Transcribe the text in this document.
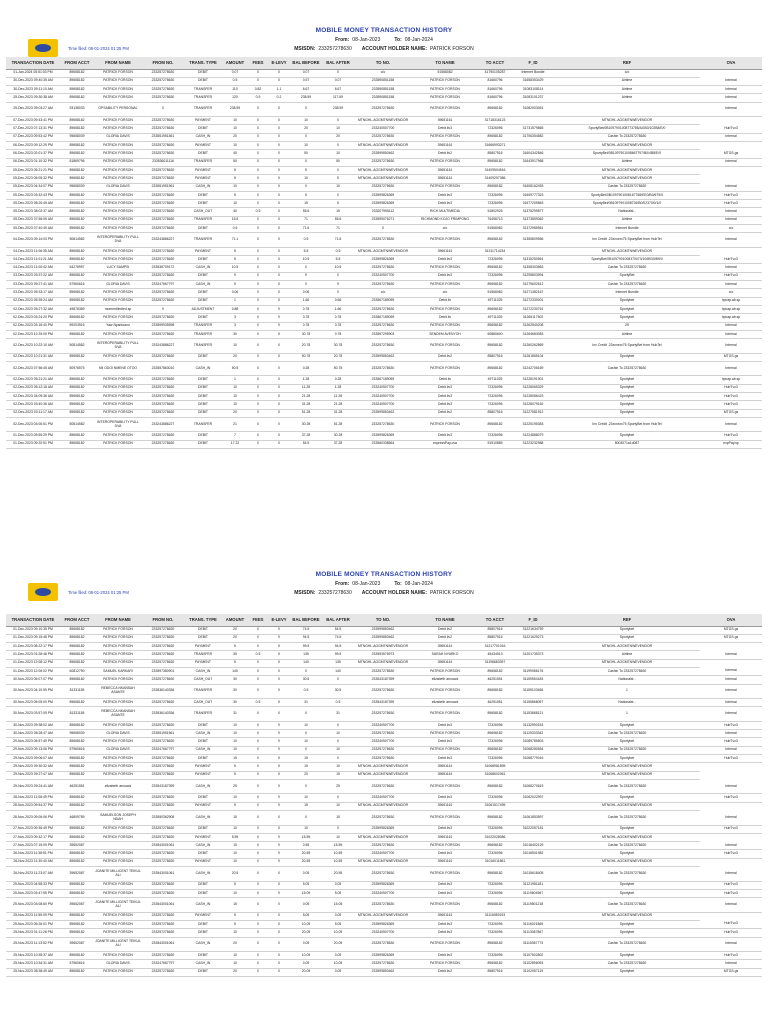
Time filed: 08-01-2024 01:25 PM
MOBILE MONEY TRANSACTION HISTORY
From: 08-Jan-2023	To: 08-Jan-2024
MSISDN: 233257278630 ACCOUNT HOLDER NAME: PATRICK FORSON
TRANSACTION DATE	FROM ACCT	FROM NAME	FROM NO.	TRANS. TYPE	AMOUNT	FEES	E-LEVY	BAL BEFORE	BAL AFTER	TO NO.	TO NAME	TO ACCT	F_ID	REF	OVA
01-Jan-2024 05:51:03 PM	89658182	PATRICK FORSON	233257278630	DEBIT	0.07	0	0	0.07	0	c/o	51568082	41790105287	Internet Bundle	c/o	
30-Dec-2023 09:40:35 AM	89658182	PATRICK FORSON	233257278630	DEBIT	0.5	0	0	0.57	0.07	233590851158	PATRICK FORSON	81660796	31658353429	Airtime	Internal
30-Dec-2023 09:11:10 AM	89658182	PATRICK FORSON	233257278630	TRANSFER	110	0.82	1.1	6.67	6.67	233590851158	PATRICK FORSON	81660796	31083108114	Airtime	Internal
25-Dec-2023 09:30:38 AM	89658182	PATRICK FORSON	233257278630	TRANSFER	120	0.9	0.2	238.59	117.69	233590851158	PATRICK FORSON	81660796	31083101237	Airtime	Internal
25-Dec-2023 09:03:27 AM	93138033	OPSABILITY PERSONAL	0	TRANSFER	238.59	0	0	0	238.59	233257278630	PATRICK FORSON	89658182	31082003051		Internal
07-Dec-2023 09:43:41 PM	89658182	PATRICK FORSON	233257278630	PAYMENT	10	0	0	10	0	MTNGHL.AGGMTNWEVENDOR	39651161	31718316123		MTNGHL.AGGMTNWEVENDOR	
07-Dec-2023 07:13:31 PM	89658182	PATRICK FORSON	233257278630	DEBIT	10	0	0	20	10	233240507700	Debit.liv3	72326096	31731579865	SportyBet/0B1097901008773785/AGB0/102B8/E/0	HubTvx3
07-Dec-2023 09:53:42 PM	95658039	GLORIA DAVIS	233551951561	CASH_IN	20	0	0	0	20	233257278630	PATRICK FORSON	89658182	31706354582	Cashin To 233257278630	Internal
06-Dec-2023 09:12:29 PM	89658182	PATRICK FORSON	233257278630	PAYMENT	10	0	0	10	0	MTNGHL.AGGMTNWEVENDOR	39651161	31666993271		MTNGHL.AGGMTNWEVENDOR	
06-Dec-2023 02:01:37 PM	89658182	PATRICK FORSON	233257278630	DEBIT	40	0	0	50	10	233599850462	Debit.liv2	85807516	31604342846	SportyBet/0B1097901008667797/B0/4B8/E/0	MTGS.gs
06-Dec-2023 01:10:32 PM	81869796	PATRICK FORSON	233536011116	TRANSFER	50	0	0	0	50	233257278630	PATRICK FORSON	89658182	31643917968	Airtime	Internal
05-Dec-2023 05:21:21 PM	89658182	PATRICK FORSON	233257278630	PAYMENT	5	0	0	5	0	MTNGHL.AGGMTNWEVENDOR	39651161	31409504516		MTNGHL.AGGMTNWEVENDOR	
05-Dec-2023 05:05:32 PM	89658182	PATRICK FORSON	233257278630	PAYMENT	5	0	0	10	5	MTNGHL.AGGMTNWEVENDOR	39651161	31409257386		MTNGHL.AGGMTNWEVENDOR	
05-Dec-2023 04:34:07 PM	95658039	GLORIA DAVIS	233551951561	CASH_IN	10	0	0	0	10	233257278630	PATRICK FORSON	89658182	31608162493	Cashin To 233257278630	Internal
05-Dec-2023 03:32:43 PM	89658182	PATRICK FORSON	233257278630	DEBIT	5	0	0	5	0	233599826369	Debit.liv3	72326096	31609777323	SportyBet/0B1097901008167768/EE0/B0/679/0	HubTvx3
05-Dec-2023 08:20:45 AM	89658182	PATRICK FORSON	233257278630	DEBIT	10	0	0	15	5	233599826369	Debit.liv3	72326096	31677205863	SportyBet/0B1097901008726/B0/02370/0/1/0	HubTvx3
05-Dec-2023 08:02:37 AM	89658182	PATRICK FORSON	233257278630	CASH_OUT	40	0.5	0	55.6	15	233207955112	RICH MULTIMEDIA	51802925	31375299577	Nationalst -	Internal
05-Dec-2023 07:56:05 AM	89658182	PATRICK FORSON	233257278630	TRANSFER	15.5	0	0	71	55.6	233599076271	RICHMOND KOJO FRIMPONG	76498713	31373899362	Airtime	Internal
05-Dec-2023 07:40:49 AM	89658182	PATRICK FORSON	233257278630	DEBIT	0.6	0	0	71.6	71	0	c/o	51568082	31372985961	Internet Bundle	c/o
04-Dec-2023 09:14:03 PM	50814582	INTEROPERABILITY PULL DVA	233243886227	TRANSFER	71.1	0	0	0.5	71.6	233257278630	PATRICK FORSON	89658182	31355809556	Inv Credit .23xxxxxx75 SportyBet from HubTel	Internal
04-Dec-2023 11:06:35 AM	89658182	PATRICK FORSON	233257278630	PAYMENT	5	0	0	5.5	0.5	MTNGHL.AGGMTNWEVENDOR	39651161	31311714234		MTNGHL.AGGMTNWEVENDOR	
04-Dec-2023 11:01:21 AM	89658182	PATRICK FORSON	233257278630	DEBIT	5	0	0	10.5	5.5	233599826369	Debit.liv3	72326096	31315250561	SportyBet/0B1097901008370073/10/8930/B9/0	HubTvx3
04-Dec-2023 11:00:42 AM	54278997	LUCY SAMPSI	233536709172	CASH_IN	10.5	0	0	0	10.5	233257278630	PATRICK FORSON	89658182	31308303563	Cashin To 233257278630	Internal
03-Dec-2023 03:37:22 AM	89658182	PATRICK FORSON	233257278630	DEBIT	9	0	0	9	0	233240507700	Debit.liv3	72326096	31295803994	SportyBet	HubTvx3
03-Dec-2023 09:27:41 AM	57960616	GLORIA DAVIS	233247667797	CASH_IN	9	0	0	0	9	233257278630	PATRICK FORSON	89658182	31279602612	Cashin To 233257278630	Internal
03-Dec-2023 05:33:17 AM	89658182	PATRICK FORSON	233257278630	DEBIT	0.06	0	0	0.06	0	c/o	c/o	51568082	31271382167	Internet Bundle	c/o
02-Dec-2023 05:39:24 AM	89658182	PATRICK FORSON	233257278630	DEBIT	1	0	0	1.66	0.66	233567189059	Debit.liv	49711025	31272330001	Sportybet	hpcap.ab.sp
02-Dec-2023 05:27:32 AM	49878389	momentlimited.sp	0	ADJUSTMENT	0.88	0	0	0.78	1.66	233257278630	PATRICK FORSON	89658182	31272230761	Sportybet	hpcap.ab.sp
02-Dec-2023 03:24:20 PM	89658182	PATRICK FORSON	233257278630	DEBIT	3	0	0	3.78	0.78	233567189059	Debit.liv	49711025	31265117502	Sportybet	hpcap.ab.sp
02-Dec-2023 03:16:40 PM	59203916	Yaw Nyarkoanu	233599935598	TRANSFER	3	0	0	0.78	3.78	233257278630	PATRICK FORSON	89658182	31262840208	25	Internal
02-Dec-2023 12:25:00 PM	89658182	PATRICK FORSON	233257278630	TRANSFER	30	0	0	30.78	0.78	233557295903	SENDEM AVENYOH	60880600	31264683083	Airtime	Internal
02-Dec-2023 10:22:10 AM	50814582	INTEROPERABILITY PULL DVA	233243886227	TRANSFER	10	0	0	20.78	30.78	233257278630	PATRICK FORSON	89658182	31260262869	Inv Credit .23xxxxxx75 SportyBet from HubTel	Internal
02-Dec-2023 10:21:31 AM	89658182	PATRICK FORSON	233257278630	DEBIT	20	0	0	50.78	20.78	233599850462	Debit.liv2	85807516	31261865104	Sportybet	MTGS.gs
02-Dec-2023 07:56:45 AM	50976575	NII ODOI NMENE OTOO	233557863010	CASH_IN	50.5	0	0	0.28	50.78	233257278630	PATRICK FORSON	89658182	31242706169	Cashin To 233257278630	Internal
02-Dec-2023 05:21:21 AM	89658182	PATRICK FORSON	233257278630	DEBIT	1	0	0	1.28	0.28	233567189059	Debit.liv	49711025	31228191901	Sportybet	hpcap.ab.sp
02-Dec-2023 05:12:18 AM	89658182	PATRICK FORSON	233257278630	DEBIT	10	0	0	11.28	1.28	233240507700	Debit.liv3	72326096	31228065329	Sportybet	HubTvx3
02-Dec-2023 04:09:36 AM	89658182	PATRICK FORSON	233257278630	DEBIT	10	0	0	21.28	11.28	233240507700	Debit.liv3	72326096	31228086423	Sportybet	HubTvx3
02-Dec-2023 03:40:36 AM	89658182	PATRICK FORSON	233257278630	DEBIT	10	0	0	31.28	21.28	233240507700	Debit.liv3	72326096	31228079162	Sportybet	HubTvx3
02-Dec-2023 03:11:17 AM	89658182	PATRICK FORSON	233257278630	DEBIT	20	0	0	51.28	31.28	233599850462	Debit.liv2	85807516	31227581912	Sportybet	MTGS.gs
02-Dec-2023 03:06:51 PM	50814582	INTEROPERABILITY PULL DVA	233243886227	TRANSFER	21	0	0	30.28	51.28	233257278630	PATRICK FORSON	89658182	31225195383	Inv Credit .23xxxxxx75 SportyBet from HubTel	Internal
01-Dec-2023 09:55:29 PM	89658182	PATRICK FORSON	233257278630	DEBIT	7	0	0	37.28	30.28	233599826369	Debit.liv3	72326096	31224888079	Sportybet	HubTvx3
01-Dec-2023 09:20:51 PM	89658182	PATRICK FORSON	233257278630	DEBIT	17.22	0	0	54.5	37.28	233560338564	expressPay.ova	51910889	31223232988	8003071a1d087	expPay.sp
Time filed: 08-01-2024 01:25 PM
MOBILE MONEY TRANSACTION HISTORY
From: 08-Jan-2023	To: 08-Jan-2024
MSISDN: 233257278630 ACCOUNT HOLDER NAME: PATRICK FORSON
TRANSACTION DATE	FROM ACCT	FROM NAME	FROM NO.	TRANS. TYPE	AMOUNT	FEES	E-LEVY	BAL BEFORE	BAL AFTER	TO NO.	TO NAME	TO ACCT	F_ID	REF	OVA
01-Dec-2023 09:10:35 PM	89658182	PATRICK FORSON	233257278630	DEBIT	20	0	0	74.5	54.5	233599850462	Debit.liv2	85807516	31221634759	Sportybet	MTGS.gs
01-Dec-2023 09:15:48 PM	89658182	PATRICK FORSON	233257278630	DEBIT	20	0	0	94.5	74.5	233599850462	Debit.liv2	85807516	31221625273	Sportybet	MTGS.gs
01-Dec-2023 08:22:17 PM	89658182	PATRICK FORSON	233257278630	PAYMENT	5	0	0	99.5	94.5	MTNGHL.AGGMTNWEVENDOR	39651161	31217701016		MTNGHL.AGGMTNWEVENDOR	
01-Dec-2023 01:28:46 PM	89658182	PATRICK FORSON	233257278630	TRANSFER	35	0.5	0	135	99.5	233593576973	SARAH NYARKO	45434513	31201735373	Airtime	Internal
01-Dec-2023 12:08:12 PM	89658182	PATRICK FORSON	233257278630	PAYMENT	5	0	0	140	135	MTNGHL.AGGMTNWEVENDOR	39651161	31198683397		MTNGHL.AGGMTNWEVENDOR	
01-Dec-2023 12:06:02 PM	60812790	SAMUEL KARKARI	233597380901	CASH_IN	140	0	0	0	140	233257278630	PATRICK FORSON	89658182	31199086176	Cashin To 233257278630	Internal
30-Nov-2023 05:07:07 PM	89658182	PATRICK FORSON	233257278630	CASH_OUT	30	0	0	30.5	0	233543187399	elizabeth arnoack	46251551	31159554183	Nationalst -	Internal
30-Nov-2023 04:10:59 PM	81331155	REBECCA NKANSAH ASANTE	233536140336	TRANSFER	30	0	0	0.5	30.5	233257278630	PATRICK FORSON	89658182	31159103466	1	Internal
30-Nov-2023 05:05:00 PM	89658182	PATRICK FORSON	233257278630	CASH_OUT	30	0.5	0	31	0.5	233543187399	elizabeth arnoack	46251551	31155868057	Nationalst -	Internal
30-Nov-2023 03:57:05 PM	81331155	REBECCA NKANSAH ASANTE	233536140336	TRANSFER	31	0	0	0	31	233257278630	PATRICK FORSON	89658182	31153688121	1	Internal
30-Nov-2023 09:38:02 AM	89658182	PATRICK FORSON	233257278630	DEBIT	10	0	0	10	0	233240507700	Debit.liv3	72326096	31132990153	Sportybet	HubTvx3
30-Nov-2023 08:28:47 AM	95658039	GLORIA DAVIS	233551951561	CASH_IN	10	0	0	0	10	233257278630	PATRICK FORSON	89658182	31125333342	Cashin To 233257278630	Internal
29-Nov-2023 05:57:49 PM	89658182	PATRICK FORSON	233257278630	DEBIT	10	0	0	10	0	233240507700	Debit.liv3	72326096	31089785503	Sportybet	HubTvx3
29-Nov-2023 09:13:06 PM	57960616	GLORIA DAVIS	233247667797	CASH_IN	10	0	0	0	10	233257278630	PATRICK FORSON	89658182	31068280554	Cashin To 233257278630	Internal
29-Nov-2023 09:06:07 AM	89658182	PATRICK FORSON	233257278630	DEBIT	15	0	0	15	0	233257278630	Debit.liv3	72326096	31068779016	Sportybet	HubTvx3
29-Nov-2023 09:30:32 AM	89658182	PATRICK FORSON	233257278630	PAYMENT	5	0	0	15	10	MTNGHL.AGGMTNWEVENDOR	39651161	31068981895		MTNGHL.AGGMTNWEVENDOR	
29-Nov-2023 09:27:47 AM	89658182	PATRICK FORSON	233257278630	PAYMENT	5	0	0	20	15	MTNGHL.AGGMTNWEVENDOR	39651161	31068602061		MTNGHL.AGGMTNWEVENDOR	
29-Nov-2023 09:24:41 AM	46251551	elizabeth arnoack	233543187399	CASH_IN	25	0	0	0	25	233257278630	PATRICK FORSON	89658182	31068270619	Cashin To 233257278630	Internal
28-Nov-2023 11:08:49 PM	89658182	PATRICK FORSON	233257278630	DEBIT	10	0	0	10	0	233240507700	Debit.liv3	72326096	31062022997	Sportybet	HubTvx3
28-Nov-2023 09:54:37 PM	89658182	PATRICK FORSON	233257278630	PAYMENT	5	0	0	15	10	MTNGHL.AGGMTNWEVENDOR	39651161	31061517495		MTNGHL.AGGMTNWEVENDOR	
28-Nov-2023 09:06:06 PM	46809789	SAMUELSON JOSEPH NDAH	233550362908	CASH_IN	15	0	0	0	15	233257278630	PATRICK FORSON	89658182	31061853597	Cashin To 233257278630	Internal
27-Nov-2023 09:36:49 PM	89658182	PATRICK FORSON	233257278630	DEBIT	10	0	0	10	0	233599826369	Debit.liv3	72326096	31022057181	Sportybet	HubTvx3
27-Nov-2023 09:32:17 PM	89658182	PATRICK FORSON	233257278630	PAYMENT	5.55	0	0	15.55	10	MTNGHL.AGGMTNWEVENDOR	39651161	31022028086		MTNGHL.AGGMTNWEVENDOR	
27-Nov-2023 07:15:09 PM	39652087		233543001061	CASH_IN	15	0	0	0.55	15.55	233257278630	PATRICK FORSON	89658182	31018402129	Cashin To 233257278630	Internal
26-Nov-2023 11:38:51 PM	89658182	PATRICK FORSON	233257278630	DEBIT	10	0	0	20.55	10.55	233240507700	Debit.liv3	72326096	31016501982	Sportybet	HubTvx3
26-Nov-2023 11:30:40 AM	89658182	PATRICK FORSON	233257278630	PAYMENT	10	0	0	20.55	10.55	MTNGHL.AGGMTNWEVENDOR	39651161	31016011861		MTNGHL.AGGMTNWEVENDOR	
26-Nov-2023 11:23:07 AM	39652087	JOANITE MILLICENT TEIKUL ALI	233543001061	CASH_IN	20.5	0	0	0.05	20.55	233257278630	PATRICK FORSON	89658182	31015618405	Cashin To 233257278630	Internal
25-Nov-2023 04:58:33 PM	89658182	PATRICK FORSON	233257278630	DEBIT	5	0	0	5.05	0.05	233599826369	Debit.liv3	72326096	31121981181	Sportybet	HubTvx3
25-Nov-2023 03:47:55 PM	89658182	PATRICK FORSON	233257278630	DEBIT	10	0	0	15.05	5.05	233240507700	Debit.liv3	72326096	31119604967	Sportybet	HubTvx3
25-Nov-2023 03:08:60 PM	39652087	JOANITE MILLICENT TEIKUL ALI	233543001061	CASH_IN	15	0	0	0.05	15.05	233257278630	PATRICK FORSON	89658182	31119801218	Cashin To 233257278630	Internal
25-Nov-2023 11:55:09 PM	89658182	PATRICK FORSON	233257278630	PAYMENT	5	0	0	5.05	0.05	MTNGHL.AGGMTNWEVENDOR	39651161	31116089193		MTNGHL.AGGMTNWEVENDOR	
25-Nov-2023 05:26:01 PM	89658182	PATRICK FORSON	233257278630	DEBIT	5	0	0	10.05	5.05	233599826369	Debit.liv3	72326096	31116021865	Sportybet	HubTvx3
25-Nov-2023 01:11:26 PM	89658182	PATRICK FORSON	233257278630	DEBIT	10	0	0	20.05	10.05	233240507700	Debit.liv3	72326096	31113087867	Sportybet	HubTvx3
25-Nov-2023 11:13:52 PM	39652087	JOANITE MILLICENT TEIKUL ALI	233543001061	CASH_IN	20	0	0	0.05	20.05	233257278630	PATRICK FORSON	89658182	31115087773	Cashin To 233257278630	Internal
25-Nov-2023 10:35:37 AM	89658182	PATRICK FORSON	233257278630	DEBIT	10	0	0	10.05	0.05	233599826369	Debit.liv3	72326096	31107502802	Sportybet	HubTvx3
25-Nov-2023 10:34:31 AM	57960616	GLORIA DAVIS	233247667797	CASH_IN	10	0	0	0.05	10.05	233257278630	PATRICK FORSON	89658182	31102896093	Cashin To 233257278630	Internal
25-Nov-2023 08:38:49 AM	89658182	PATRICK FORSON	233257278630	DEBIT	20	0	0	20.05	0.05	233599850462	Debit.liv2	85807516	31102057119	Sportybet	MTGS.gs
